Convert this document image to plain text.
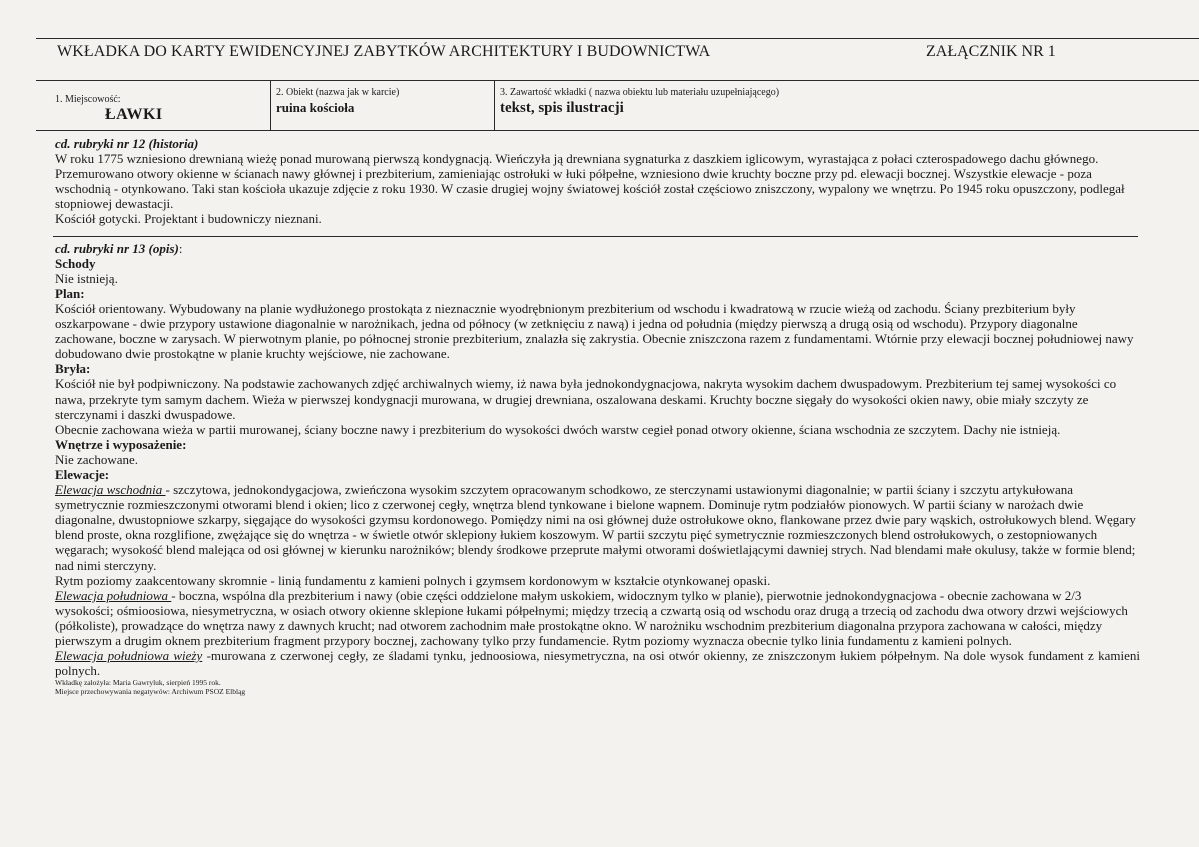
WKŁADKA DO KARTY EWIDENCYJNEJ ZABYTKÓW ARCHITEKTURY I BUDOWNICTWA	ZAŁĄCZNIK NR 1
1. Miejscowość:
ŁAWKI
2. Obiekt (nazwa jak w karcie)
ruina kościoła
3. Zawartość wkładki ( nazwa obiektu lub materiału uzupełniającego)
tekst, spis ilustracji

cd. rubryki nr 12 (historia)

W roku 1775 wzniesiono drewnianą wieżę ponad murowaną pierwszą kondygnacją. Wieńczyła ją drewniana sygnaturka z daszkiem iglicowym, wyrastająca z połaci czterospadowego dachu głównego. Przemurowano otwory okienne w ścianach nawy głównej i prezbiterium, zamieniając ostrołuki w łuki półpełne, wzniesiono dwie kruchty boczne przy pd. elewacji bocznej. Wszystkie elewacje - poza wschodnią - otynkowano. Taki stan kościoła ukazuje zdjęcie z roku 1930. W czasie drugiej wojny światowej kościół został częściowo zniszczony, wypalony we wnętrzu. Po 1945 roku opuszczony, podlegał stopniowej dewastacji.

Kościół gotycki. Projektant i budowniczy nieznani.

cd. rubryki nr 13 (opis):

Schody

Nie istnieją.

Plan:

Kościół orientowany. Wybudowany na planie wydłużonego prostokąta z nieznacznie wyodrębnionym prezbiterium od wschodu i kwadratową w rzucie wieżą od zachodu. Ściany prezbiterium były oszkarpowane - dwie przypory ustawione diagonalnie w narożnikach, jedna od północy (w zetknięciu z nawą) i jedna od południa (między pierwszą a drugą osią od wschodu). Przypory diagonalne zachowane, boczne w zarysach. W pierwotnym planie, po północnej stronie prezbiterium, znalazła się zakrystia. Obecnie zniszczona razem z fundamentami. Wtórnie przy elewacji bocznej południowej nawy dobudowano dwie prostokątne w planie kruchty wejściowe, nie zachowane.

Bryła:

Kościół nie był podpiwniczony. Na podstawie zachowanych zdjęć archiwalnych wiemy, iż nawa była jednokondygnacjowa, nakryta wysokim dachem dwuspadowym. Prezbiterium tej samej wysokości co nawa, przekryte tym samym dachem. Wieża w pierwszej kondygnacji murowana, w drugiej drewniana, oszalowana deskami. Kruchty boczne sięgały do wysokości okien nawy, obie miały szczyty ze sterczynami i daszki dwuspadowe.

Obecnie zachowana wieża w partii murowanej, ściany boczne nawy i prezbiterium do wysokości dwóch warstw cegieł ponad otwory okienne, ściana wschodnia ze szczytem. Dachy nie istnieją.

Wnętrze i wyposażenie:

Nie zachowane.

Elewacje:

Elewacja wschodnia - szczytowa, jednokondygacjowa, zwieńczona wysokim szczytem opracowanym schodkowo, ze sterczynami ustawionymi diagonalnie; w partii ściany i szczytu artykułowana symetrycznie rozmieszczonymi otworami blend i okien; lico z czerwonej cegły, wnętrza blend tynkowane i bielone wapnem. Dominuje rytm podziałów pionowych. W partii ściany w narożach dwie diagonalne, dwustopniowe szkarpy, sięgające do wysokości gzymsu kordonowego. Pomiędzy nimi na osi głównej duże ostrołukowe okno, flankowane przez dwie pary wąskich, ostrołukowych blend. Węgary blend proste, okna rozglifione, zwężające się do wnętrza - w świetle otwór sklepiony łukiem koszowym. W partii szczytu pięć symetrycznie rozmieszczonych blend ostrołukowych, o zestopniowanych węgarach; wysokość blend malejąca od osi głównej w kierunku narożników; blendy środkowe przeprute małymi otworami doświetlającymi dawniej strych. Nad blendami małe okulusy, także w formie blend; nad nimi sterczyny.

Rytm poziomy zaakcentowany skromnie - linią fundamentu z kamieni polnych i gzymsem kordonowym w kształcie otynkowanej opaski.

Elewacja południowa - boczna, wspólna dla prezbiterium i nawy (obie części oddzielone małym uskokiem, widocznym tylko w planie), pierwotnie jednokondygnacjowa - obecnie zachowana w 2/3 wysokości; ośmioosiowa, niesymetryczna, w osiach otwory okienne sklepione łukami półpełnymi; między trzecią a czwartą osią od wschodu oraz drugą a trzecią od zachodu dwa otwory drzwi wejściowych (półkoliste), prowadzące do wnętrza nawy z dawnych krucht; nad otworem zachodnim małe prostokątne okno. W narożniku wschodnim prezbiterium diagonalna przypora zachowana w całości, między pierwszym a drugim oknem prezbiterium fragment przypory bocznej, zachowany tylko przy fundamencie. Rytm poziomy wyznacza obecnie tylko linia fundamentu z kamieni polnych.

Elewacja południowa wieży -murowana z czerwonej cegły, ze śladami tynku, jednoosiowa, niesymetryczna, na osi otwór okienny, ze zniszczonym łukiem półpełnym. Na dole wysok fundament z kamieni polnych.

Wkładkę założyła: Maria Gawryluk, sierpień 1995 rok.

Miejsce przechowywania negatywów: Archiwum PSOZ Elbląg
